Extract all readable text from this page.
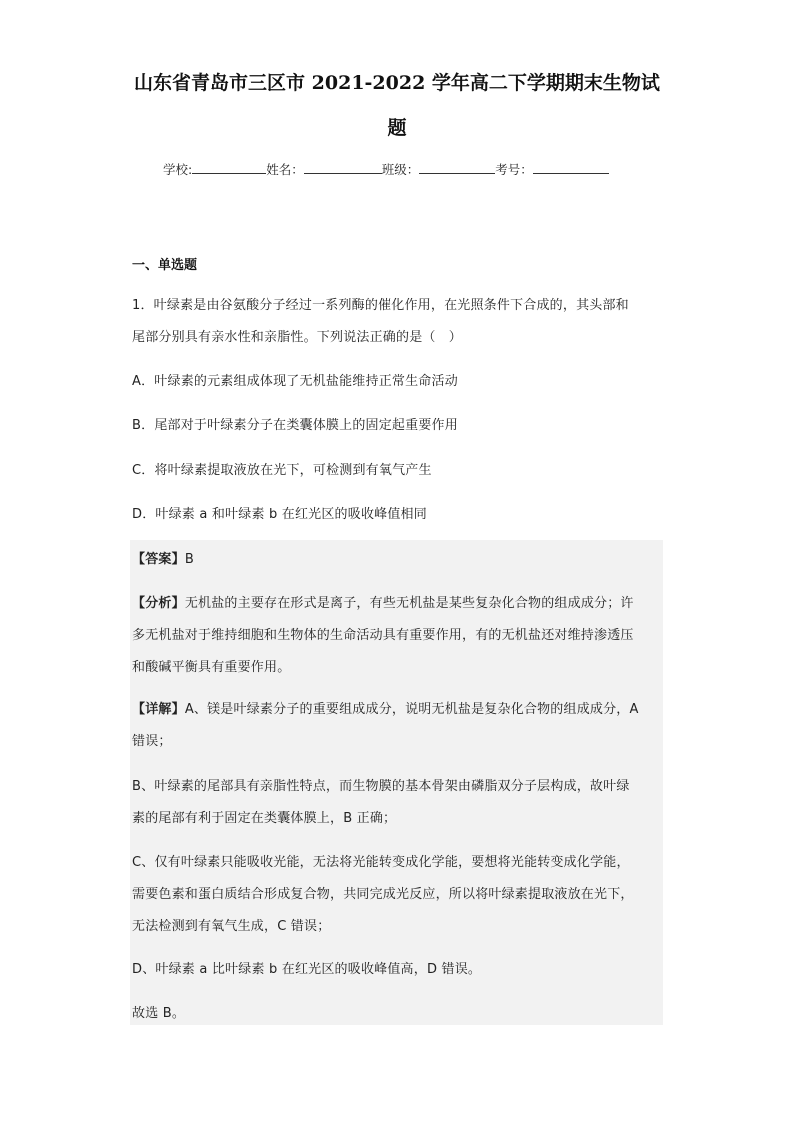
山东省青岛市三区市 2021-2022 学年高二下学期期末生物试
题
学校:	姓名：	班级：	考号：
一、单选题
1．叶绿素是由谷氨酸分子经过一系列酶的催化作用，在光照条件下合成的，其头部和
尾部分别具有亲水性和亲脂性。下列说法正确的是（　）
A．叶绿素的元素组成体现了无机盐能维持正常生命活动
B．尾部对于叶绿素分子在类囊体膜上的固定起重要作用
C．将叶绿素提取液放在光下，可检测到有氧气产生
D．叶绿素 a 和叶绿素 b 在红光区的吸收峰值相同
【答案】B
【分析】无机盐的主要存在形式是离子，有些无机盐是某些复杂化合物的组成成分；许
多无机盐对于维持细胞和生物体的生命活动具有重要作用，有的无机盐还对维持渗透压
和酸碱平衡具有重要作用。
【详解】A、镁是叶绿素分子的重要组成成分，说明无机盐是复杂化合物的组成成分，A
错误；
B、叶绿素的尾部具有亲脂性特点，而生物膜的基本骨架由磷脂双分子层构成，故叶绿
素的尾部有利于固定在类囊体膜上，B 正确；
C、仅有叶绿素只能吸收光能，无法将光能转变成化学能，要想将光能转变成化学能，
需要色素和蛋白质结合形成复合物，共同完成光反应，所以将叶绿素提取液放在光下，
无法检测到有氧气生成，C 错误；
D、叶绿素 a 比叶绿素 b 在红光区的吸收峰值高，D 错误。
故选 B。
